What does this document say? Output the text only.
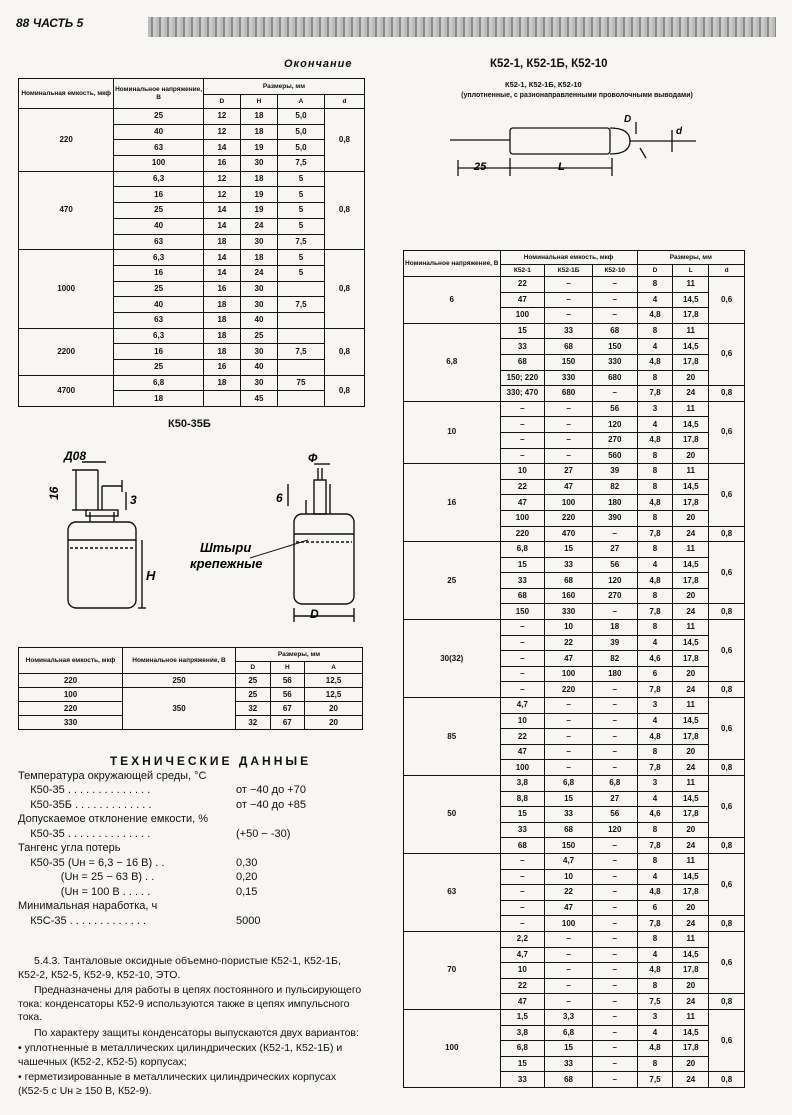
88 ЧАСТЬ 5
Окончание
Номинальная емкость, мкф	Номинальное напряжение, В	Размеры, мм			
		D	H	A	d
220	25	12	18	5,0	0,8
	40	12	18	5,0	
	63	14	19	5,0	
	100	16	30	7,5	
470	6,3	12	18	5	0,8
	16	12	19	5	
	25	14	19	5	
	40	14	24	5	
	63	18	30	7,5	
1000	6,3	14	18	5	0,8
	16	14	24	5	
	25	16	30		
	40	18	30	7,5	
	63	18	40		
2200	6,3	18	25		0,8
	16	18	30	7,5	
	25	16	40		
4700	6,8	18	30	75	0,8
	18		45		
К50-35Б
Д08
16	3
H
Ф
6
Штыри
крепежные
D
Номинальная емкость, мкф	Номинальное напряжение, В	Размеры, мм		
		D	H	A
220	250	25	56	12,5
100	350	25	56	12,5
220		32	67	20
330		32	67	20
ТЕХНИЧЕСКИЕ ДАННЫЕ
Температура окружающей среды, °С
К50-35 . . . . . . . . . . . . . .	от −40 до +70
К50-35Б . . . . . . . . . . . . .	от −40 до +85
Допускаемое отклонение емкости, %
К50-35 . . . . . . . . . . . . . .	(+50 − -30)
Тангенс угла потерь
К50-35 (Uн = 6,3 − 16 В) . .	0,30
(Uн = 25 − 63 В) . .	0,20
(Uн = 100 В . . . . .	0,15
Минимальная наработка, ч
К5С-35 . . . . . . . . . . . . .	5000

5.4.3. Танталовые оксидные объемно-пористые К52-1, К52-1Б, К52-2, К52-5, К52-9, К52-10, ЭТО.

Предназначены для работы в цепях постоянного и пульсирующего тока: конденсаторы К52-9 используются также в цепях импульсного тока.

По характеру защиты конденсаторы выпускаются двух вариантов:

• уплотненные в металлических цилиндрических (К52-1, К52-1Б) и чашечных (К52-2, К52-5) корпусах;

• герметизированные в металлических цилиндрических корпусах (К52-5 с Uн ≥ 150 В, К52-9).

К52-1, К52-1Б, К52-10
К52-1, К52-1Б, К52-10
(уплотненные, с разнонаправленными проволочными выводами)
25	L
D
d
Номинальное напряжение, В	Номинальная емкость, мкф			Размеры, мм		
	К52-1	К52-1Б	К52-10	D	L	d
6	22	–	–	8	11	0,6
	47	–	–	4	14,5	
	100	–	–	4,8	17,8	
6,8	15	33	68	8	11	0,6
	33	68	150	4	14,5	
	68	150	330	4,8	17,8	
	150; 220	330	680	8	20	
	330; 470	680	–	7,8	24	0,8
10	–	–	56	3	11	0,6
	–	–	120	4	14,5	
	–	–	270	4,8	17,8	
	–	–	560	8	20	
16	10	27	39	8	11	0,6
	22	47	82	8	14,5	
	47	100	180	4,8	17,8	
	100	220	390	8	20	
	220	470	–	7,8	24	0,8
25	6,8	15	27	8	11	0,6
	15	33	56	4	14,5	
	33	68	120	4,8	17,8	
	68	160	270	8	20	
	150	330	–	7,8	24	0,8
30(32)	–	10	18	8	11	0,6
	–	22	39	4	14,5	
	–	47	82	4,6	17,8	
	–	100	180	6	20	
	–	220	–	7,8	24	0,8
85	4,7	–	–	3	11	0,6
	10	–	–	4	14,5	
	22	–	–	4,8	17,8	
	47	–	–	8	20	
	100	–	–	7,8	24	0,8
50	3,8	6,8	6,8	3	11	0,6
	8,8	15	27	4	14,5	
	15	33	56	4,6	17,8	
	33	68	120	8	20	
	68	150	–	7,8	24	0,8
63	–	4,7	–	8	11	0,6
	–	10	–	4	14,5	
	–	22	–	4,8	17,8	
	–	47	–	6	20	
	–	100	–	7,8	24	0,8
70	2,2	–	–	8	11	0,6
	4,7	–	–	4	14,5	
	10	–	–	4,8	17,8	
	22	–	–	8	20	
	47	–	–	7,5	24	0,8
100	1,5	3,3	–	3	11	0,6
	3,8	6,8	–	4	14,5	
	6,8	15	–	4,8	17,8	
	15	33	–	8	20	
	33	68	–	7,5	24	0,8
